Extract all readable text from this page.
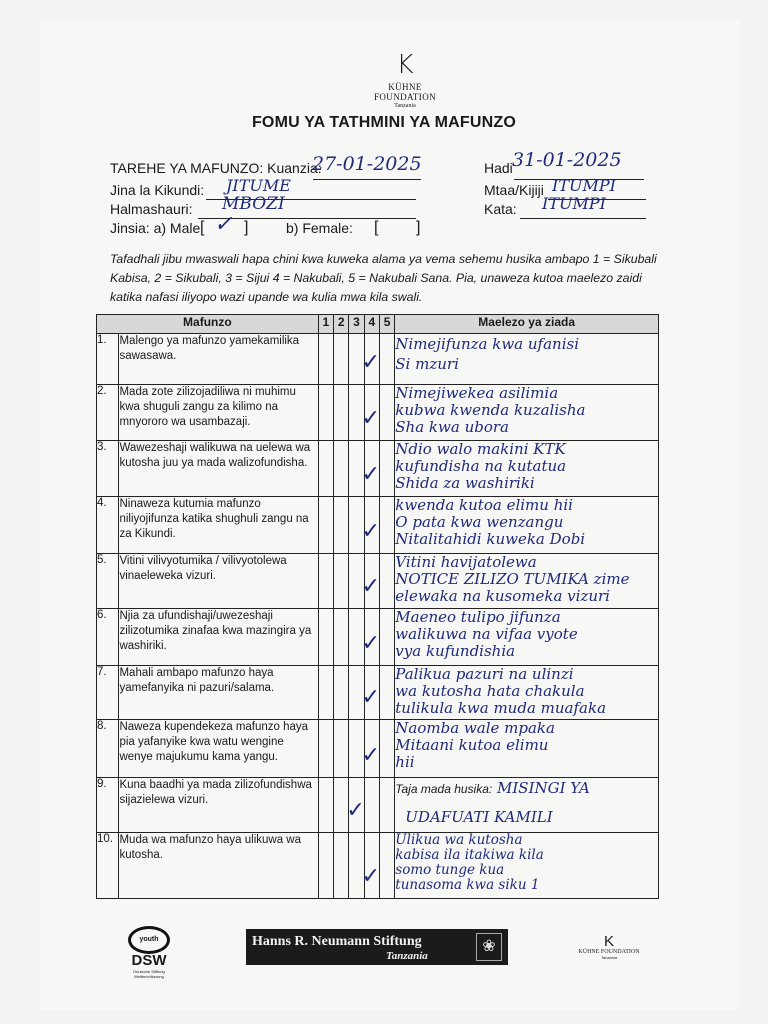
K
KÜHNE FOUNDATION
Tanzania
FOMU YA TATHMINI YA MAFUNZO
TAREHE YA MAFUNZO: Kuanzia:
27-01-2025	Hadi 31-01-2025
Jina la Kikundi: JITUME	Mtaa/Kijiji ITUMPI
Halmashauri: MBOZI	Kata: ITUMPI
Jinsia: a) Male [ ✓ ]	b) Female: [ ]
Tafadhali jibu mwaswali hapa chini kwa kuweka alama ya vema sehemu husika ambapo 1 = Sikubali Kabisa, 2 = Sikubali, 3 = Sijui 4 = Nakubali, 5 = Nakubali Sana. Pia, unaweza kutoa maelezo zaidi katika nafasi iliyopo wazi upande wa kulia mwa kila swali.
Mafunzo		1	2	3	4	5	Maelezo ya ziada
1.	Malengo ya mafunzo yamekamilika sawasawa.				✓		Nimejifunza kwa ufanisi
Si mzuri

2.	Mada zote zilizojadiliwa ni muhimu kwa shuguli zangu za kilimo na mnyororo wa usambazaji.				✓		Nimejiwekea asilimia
kubwa kwenda kuzalisha
Sha kwa ubora

3.	Wawezeshaji walikuwa na uelewa wa kutosha juu ya mada walizofundisha.				✓		Ndio walo makini KTK
kufundisha na kutatua
Shida za washiriki

4.	Ninaweza kutumia mafunzo niliyojifunza katika shughuli zangu na za Kikundi.				✓		kwenda kutoa elimu hii
O pata kwa wenzangu
Nitalitahidi kuweka Dobi

5.	Vitini vilivyotumika / vilivyotolewa vinaeleweka vizuri.				✓		Vitini havijatolewa
NOTICE ZILIZO TUMIKA zime
elewaka na kusomeka vizuri

6.	Njia za ufundishaji/uwezeshaji zilizotumika zinafaa kwa mazingira ya washiriki.				✓		Maeneo tulipo jifunza
walikuwa na vifaa vyote
vya kufundishia

7.	Mahali ambapo mafunzo haya yamefanyika ni pazuri/salama.				✓		Palikua pazuri na ulinzi
wa kutosha hata chakula
tulikula kwa muda muafaka

8.	Naweza kupendekeza mafunzo haya pia yafanyike kwa watu wengine wenye majukumu kama yangu.				✓		Naomba wale mpaka
Mitaani kutoa elimu
hii

9.	Kuna baadhi ya mada zilizofundishwa sijazielewa vizuri.			✓			Taja mada husika: MISINGI YA
UDAFUATI KAMILI

10.	Muda wa mafunzo haya ulikuwa wa kutosha.				✓		Ulikua wa kutosha
kabisa ila itakiwa kila
somo tunge kua
tunasoma kwa siku 1
youth
DSW
Deutsche Stiftung Weltbevölkerung
Hanns R. Neumann Stiftung
Tanzania
❀	K
KÜHNE FOUNDATION
Tanzania
